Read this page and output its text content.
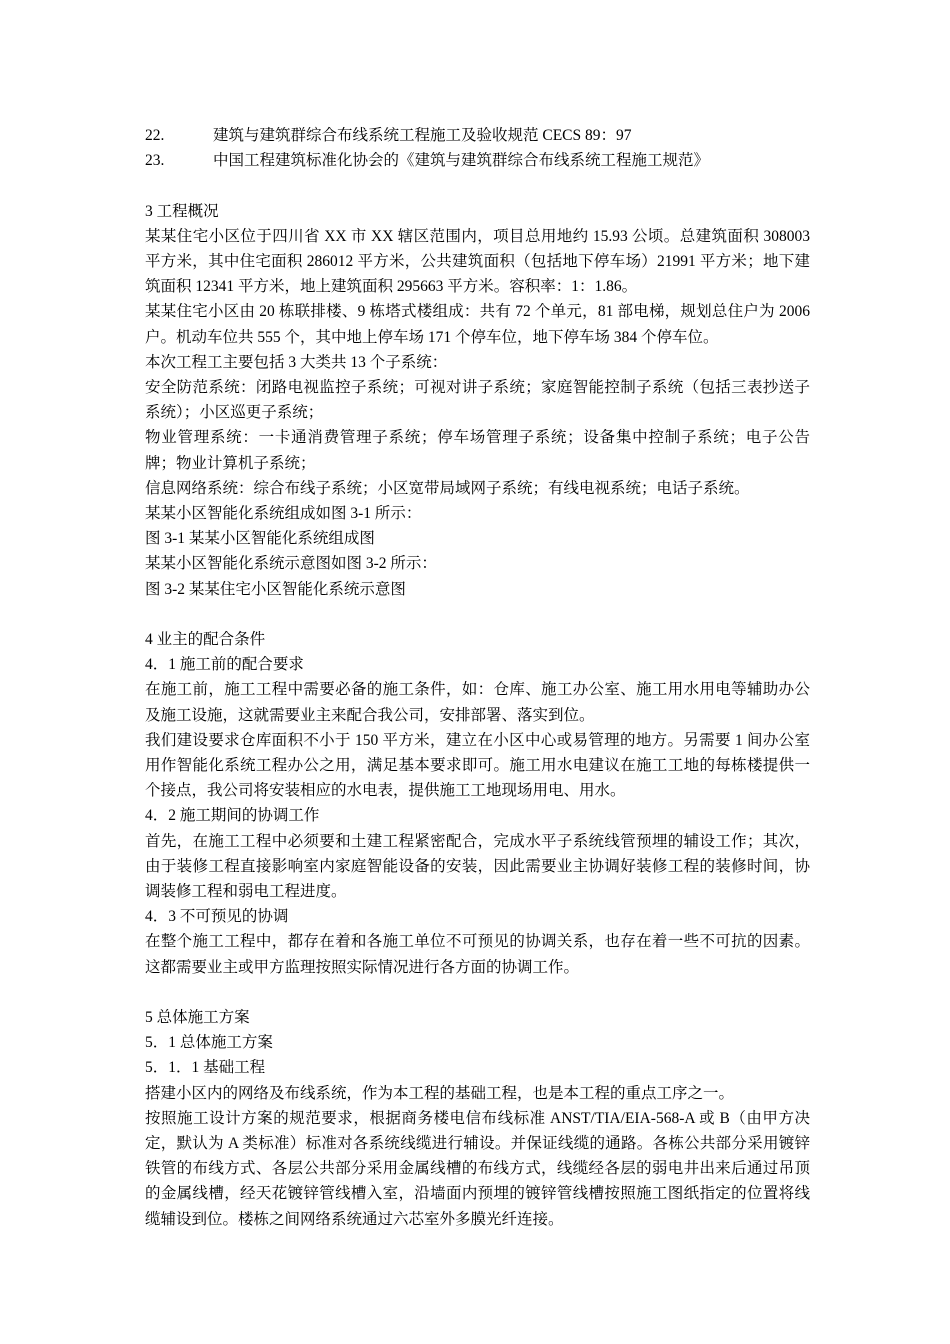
22.	建筑与建筑群综合布线系统工程施工及验收规范 CECS 89：97
23.	中国工程建筑标准化协会的《建筑与建筑群综合布线系统工程施工规范》
3 工程概况

某某住宅小区位于四川省 XX 市 XX 辖区范围内，项目总用地约 15.93 公顷。总建筑面积 308003 平方米，其中住宅面积 286012 平方米，公共建筑面积（包括地下停车场）21991 平方米；地下建筑面积 12341 平方米，地上建筑面积 295663 平方米。容积率：1：1.86。

某某住宅小区由 20 栋联排楼、9 栋塔式楼组成：共有 72 个单元，81 部电梯，规划总住户为 2006 户。机动车位共 555 个，其中地上停车场 171 个停车位，地下停车场 384 个停车位。

本次工程工主要包括 3 大类共 13 个子系统：

安全防范系统：闭路电视监控子系统；可视对讲子系统；家庭智能控制子系统（包括三表抄送子系统）；小区巡更子系统；

物业管理系统：一卡通消费管理子系统；停车场管理子系统；设备集中控制子系统；电子公告牌；物业计算机子系统；

信息网络系统：综合布线子系统；小区宽带局域网子系统；有线电视系统；电话子系统。

某某小区智能化系统组成如图 3-1 所示：

图 3-1 某某小区智能化系统组成图

某某小区智能化系统示意图如图 3-2 所示：

图 3-2 某某住宅小区智能化系统示意图

4 业主的配合条件
4．1 施工前的配合要求

在施工前，施工工程中需要必备的施工条件，如：仓库、施工办公室、施工用水用电等辅助办公及施工设施，这就需要业主来配合我公司，安排部署、落实到位。

我们建设要求仓库面积不小于 150 平方米，建立在小区中心或易管理的地方。另需要 1 间办公室用作智能化系统工程办公之用，满足基本要求即可。施工用水电建议在施工工地的每栋楼提供一个接点，我公司将安装相应的水电表，提供施工工地现场用电、用水。

4．2 施工期间的协调工作

首先，在施工工程中必须要和土建工程紧密配合，完成水平子系统线管预埋的辅设工作；其次，由于装修工程直接影响室内家庭智能设备的安装，因此需要业主协调好装修工程的装修时间，协调装修工程和弱电工程进度。

4．3 不可预见的协调

在整个施工工程中，都存在着和各施工单位不可预见的协调关系，也存在着一些不可抗的因素。这都需要业主或甲方监理按照实际情况进行各方面的协调工作。

5 总体施工方案
5．1 总体施工方案
5．1．1 基础工程

搭建小区内的网络及布线系统，作为本工程的基础工程，也是本工程的重点工序之一。

按照施工设计方案的规范要求，根据商务楼电信布线标准 ANST/TIA/EIA-568-A 或 B（由甲方决定，默认为 A 类标准）标准对各系统线缆进行辅设。并保证线缆的通路。各栋公共部分采用镀锌铁管的布线方式、各层公共部分采用金属线槽的布线方式，线缆经各层的弱电井出来后通过吊顶的金属线槽，经天花镀锌管线槽入室，沿墙面内预埋的镀锌管线槽按照施工图纸指定的位置将线缆辅设到位。楼栋之间网络系统通过六芯室外多膜光纤连接。
